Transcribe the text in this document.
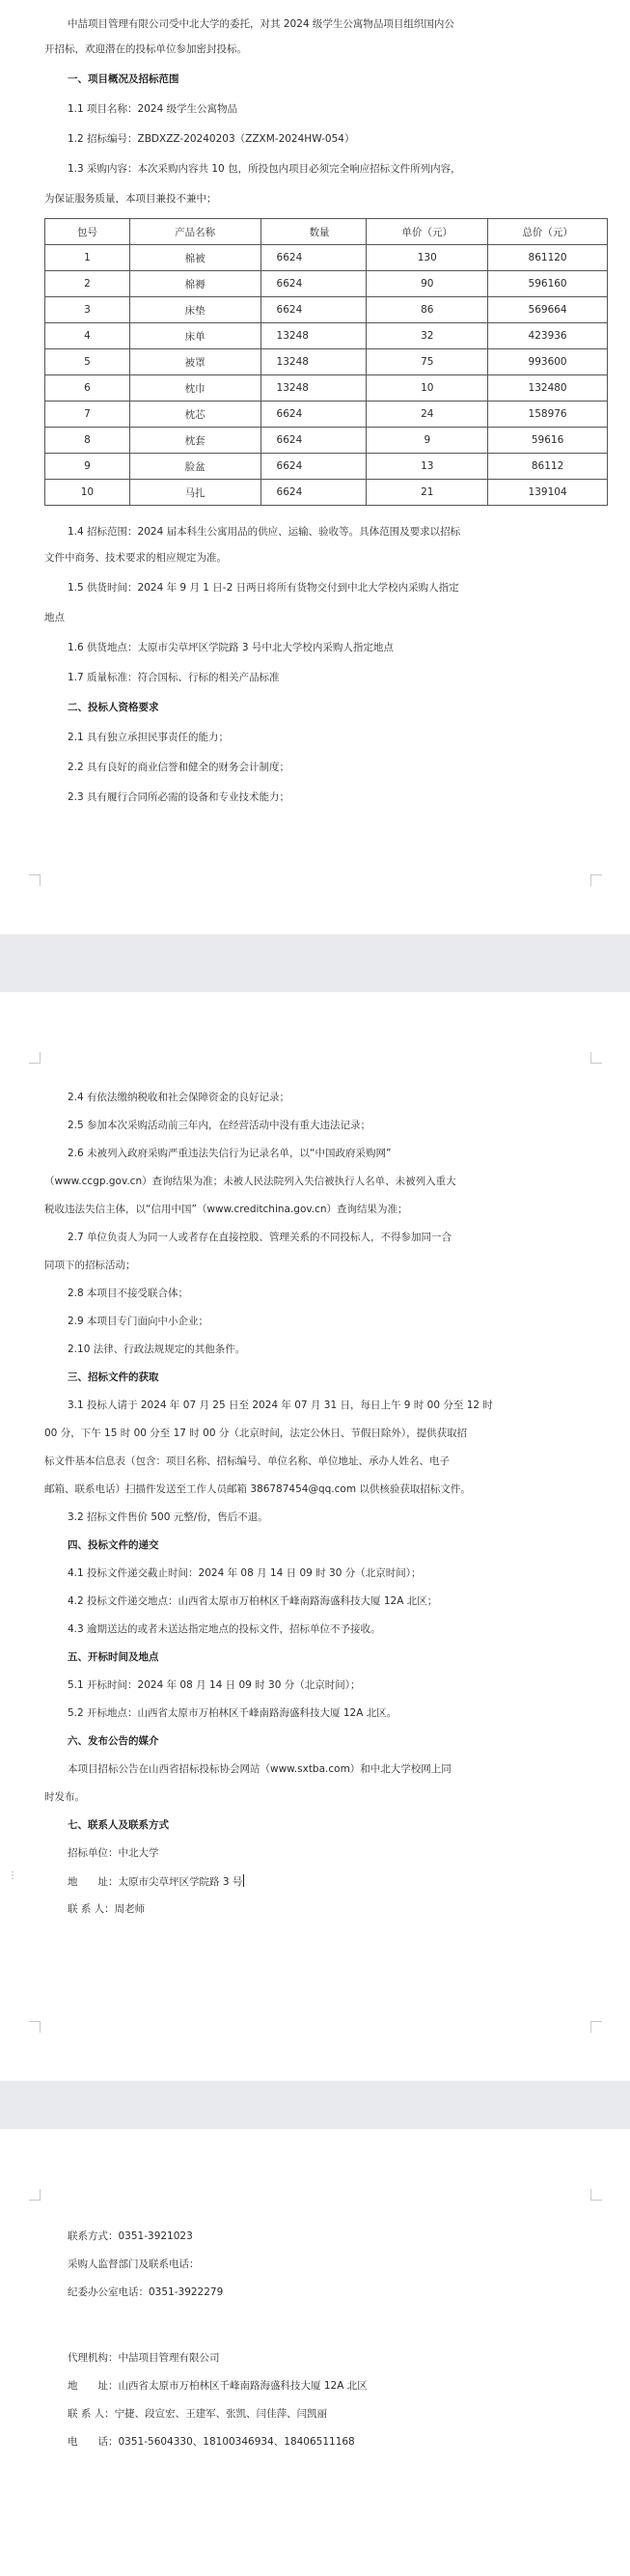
中喆项目管理有限公司受中北大学的委托，对其 2024 级学生公寓物品项目组织国内公
开招标，欢迎潜在的投标单位参加密封投标。
一、项目概况及招标范围
1.1 项目名称：2024 级学生公寓物品
1.2 招标编号：ZBDXZZ-20240203（ZZXM-2024HW-054）
1.3 采购内容：本次采购内容共 10 包，所投包内项目必须完全响应招标文件所列内容，
为保证服务质量，本项目兼投不兼中；
包号	产品名称	数量	单价（元）	总价（元）
1	棉被	6624	130	861120
2	棉褥	6624	90	596160
3	床垫	6624	86	569664
4	床单	13248	32	423936
5	被罩	13248	75	993600
6	枕巾	13248	10	132480
7	枕芯	6624	24	158976
8	枕套	6624	9	59616
9	脸盆	6624	13	86112
10	马扎	6624	21	139104
1.4 招标范围：2024 届本科生公寓用品的供应、运输、验收等。具体范围及要求以招标
文件中商务、技术要求的相应规定为准。
1.5 供货时间：2024 年 9 月 1 日-2 日两日将所有货物交付到中北大学校内采购人指定
地点
1.6 供货地点：太原市尖草坪区学院路 3 号中北大学校内采购人指定地点
1.7 质量标准：符合国标、行标的相关产品标准
二、投标人资格要求
2.1 具有独立承担民事责任的能力；
2.2 具有良好的商业信誉和健全的财务会计制度；
2.3 具有履行合同所必需的设备和专业技术能力；
2.4 有依法缴纳税收和社会保障资金的良好记录；
2.5 参加本次采购活动前三年内，在经营活动中没有重大违法记录；
2.6 未被列入政府采购严重违法失信行为记录名单，以“中国政府采购网”
（www.ccgp.gov.cn）查询结果为准；未被人民法院列入失信被执行人名单、未被列入重大
税收违法失信主体，以“信用中国”（www.creditchina.gov.cn）查询结果为准；
2.7 单位负责人为同一人或者存在直接控股、管理关系的不同投标人，不得参加同一合
同项下的招标活动；
2.8 本项目不接受联合体；
2.9 本项目专门面向中小企业；
2.10 法律、行政法规规定的其他条件。
三、招标文件的获取
3.1 投标人请于 2024 年 07 月 25 日至 2024 年 07 月 31 日，每日上午 9 时 00 分至 12 时
00 分，下午 15 时 00 分至 17 时 00 分（北京时间，法定公休日、节假日除外），提供获取招
标文件基本信息表（包含：项目名称、招标编号、单位名称、单位地址、承办人姓名、电子
邮箱、联系电话）扫描件发送至工作人员邮箱 386787454@qq.com 以供核验获取招标文件。
3.2 招标文件售价 500 元整/份，售后不退。
四、投标文件的递交
4.1 投标文件递交截止时间：2024 年 08 月 14 日 09 时 30 分（北京时间）；
4.2 投标文件递交地点：山西省太原市万柏林区千峰南路海盛科技大厦 12A 北区；
4.3 逾期送达的或者未送达指定地点的投标文件，招标单位不予接收。
五、开标时间及地点
5.1 开标时间：2024 年 08 月 14 日 09 时 30 分（北京时间）；
5.2 开标地点：山西省太原市万柏林区千峰南路海盛科技大厦 12A 北区。
六、发布公告的媒介
本项目招标公告在山西省招标投标协会网站（www.sxtba.com）和中北大学校网上同
时发布。
七、联系人及联系方式
招标单位：中北大学
⋮
地　　址：太原市尖草坪区学院路 3 号
联 系 人：周老师
联系方式：0351-3921023
采购人监督部门及联系电话：
纪委办公室电话：0351-3922279
代理机构：中喆项目管理有限公司
地　　址：山西省太原市万柏林区千峰南路海盛科技大厦 12A 北区
联 系 人：宁捷、段宣宏、王建军、张凯、闫佳萍、闫凯丽
电　　话：0351-5604330、18100346934、18406511168
